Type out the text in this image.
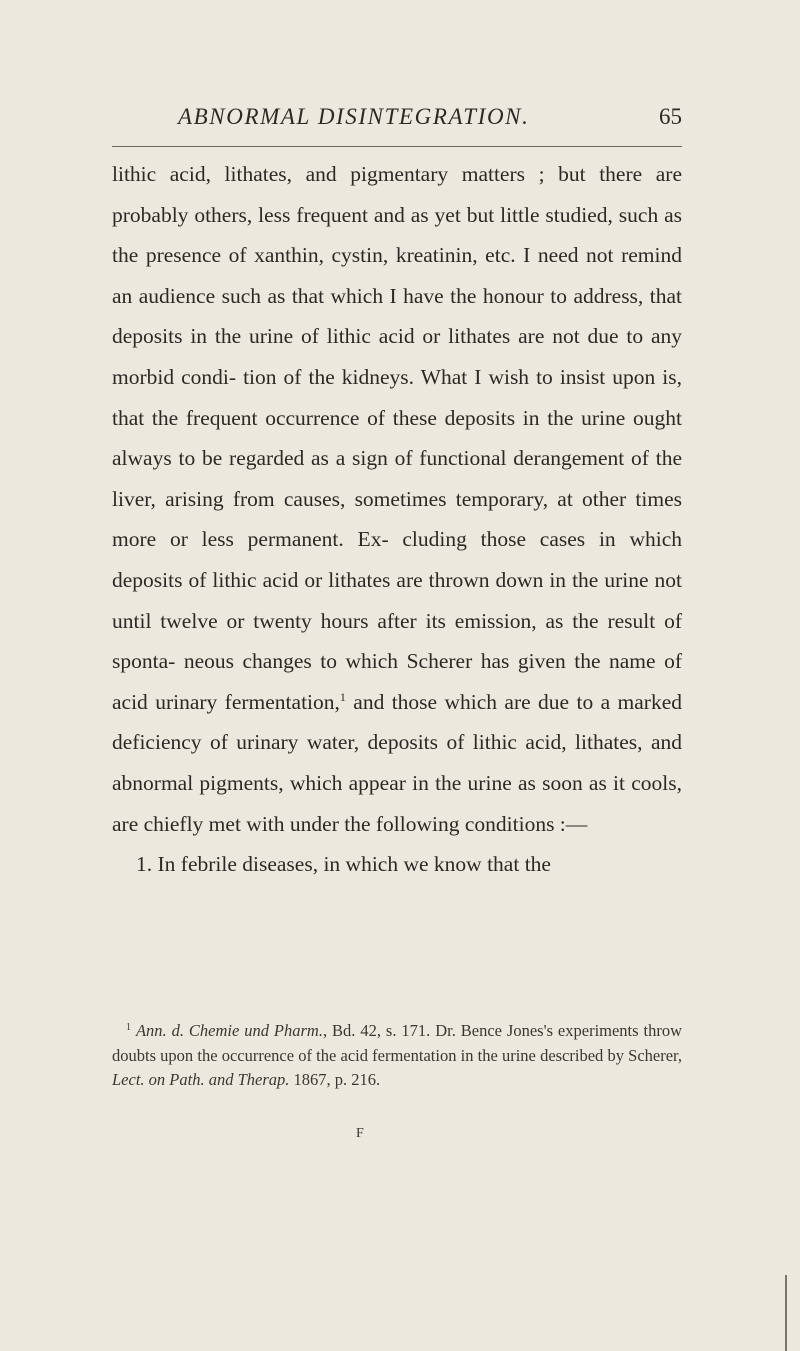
ABNORMAL DISINTEGRATION.	65

lithic acid, lithates, and pigmentary matters ; but there are probably others, less frequent and as yet but little studied, such as the presence of xanthin, cystin, kreatinin, etc. I need not remind an audience such as that which I have the honour to address, that deposits in the urine of lithic acid or lithates are not due to any morbid condi- tion of the kidneys. What I wish to insist upon is, that the frequent occurrence of these deposits in the urine ought always to be regarded as a sign of functional derangement of the liver, arising from causes, sometimes temporary, at other times more or less permanent. Ex- cluding those cases in which deposits of lithic acid or lithates are thrown down in the urine not until twelve or twenty hours after its emission, as the result of sponta- neous changes to which Scherer has given the name of acid urinary fermentation,$^1$ and those which are due to a marked deficiency of urinary water, deposits of lithic acid, lithates, and abnormal pigments, which appear in the urine as soon as it cools, are chiefly met with under the following conditions :—

1. In febrile diseases, in which we know that the

$^1$ Ann. d. Chemie und Pharm., Bd. 42, s. 171. Dr. Bence Jones's experiments throw doubts upon the occurrence of the acid fermentation in the urine described by Scherer, Lect. on Path. and Therap. 1867, p. 216.

F
